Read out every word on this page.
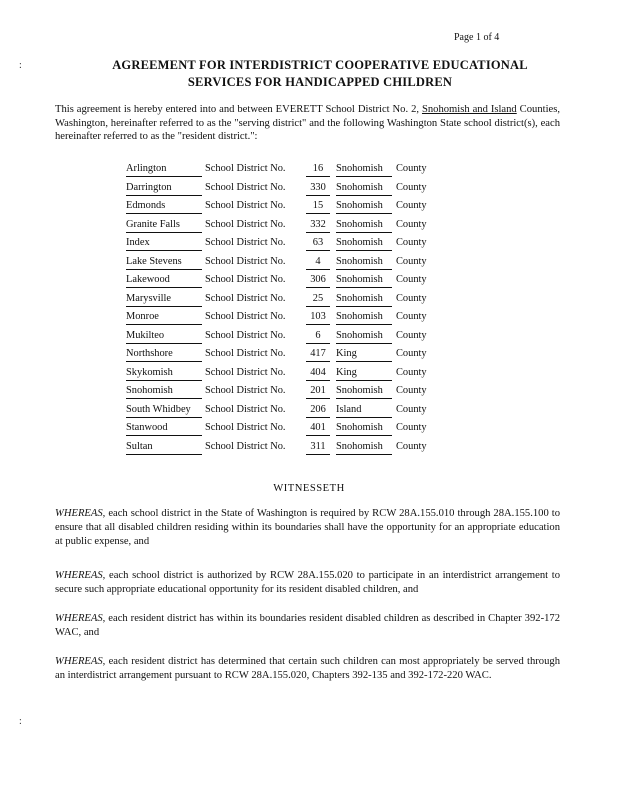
Page 1 of 4
:
:
AGREEMENT FOR INTERDISTRICT COOPERATIVE EDUCATIONAL
SERVICES FOR HANDICAPPED CHILDREN
This agreement is hereby entered into and between EVERETT School District No. 2, Snohomish and Island Counties, Washington, hereinafter referred to as the "serving district" and the following Washington State school district(s), each hereinafter referred to as the "resident district.":
Arlington	School District No.	16	Snohomish	County
Darrington	School District No.	330 Snohomish	County
Edmonds	School District No.	15	Snohomish	County
Granite Falls	School District No.	332 Snohomish	County
Index	School District No.	63	Snohomish	County
Lake Stevens	School District No.	4	Snohomish	County
Lakewood	School District No.	306 Snohomish	County
Marysville	School District No.	25	Snohomish	County
Monroe	School District No.	103 Snohomish	County
Mukilteo	School District No.	6	Snohomish	County
Northshore	School District No.	417 King	County
Skykomish	School District No.	404 King	County
Snohomish	School District No.	201 Snohomish	County
South Whidbey	School District No.	206 Island	County
Stanwood	School District No.	401 Snohomish	County
Sultan	School District No.	311	Snohomish	County
WITNESSETH
WHEREAS, each school district in the State of Washington is required by RCW 28A.155.010 through 28A.155.100 to ensure that all disabled children residing within its boundaries shall have the opportunity for an appropriate education at public expense, and
WHEREAS, each school district is authorized by RCW 28A.155.020 to participate in an interdistrict arrangement to secure such appropriate educational opportunity for its resident disabled children, and
WHEREAS, each resident district has within its boundaries resident disabled children as described in Chapter 392-172 WAC, and
WHEREAS, each resident district has determined that certain such children can most appropriately be served through an interdistrict arrangement pursuant to RCW 28A.155.020, Chapters 392-135 and 392-172-220 WAC.
